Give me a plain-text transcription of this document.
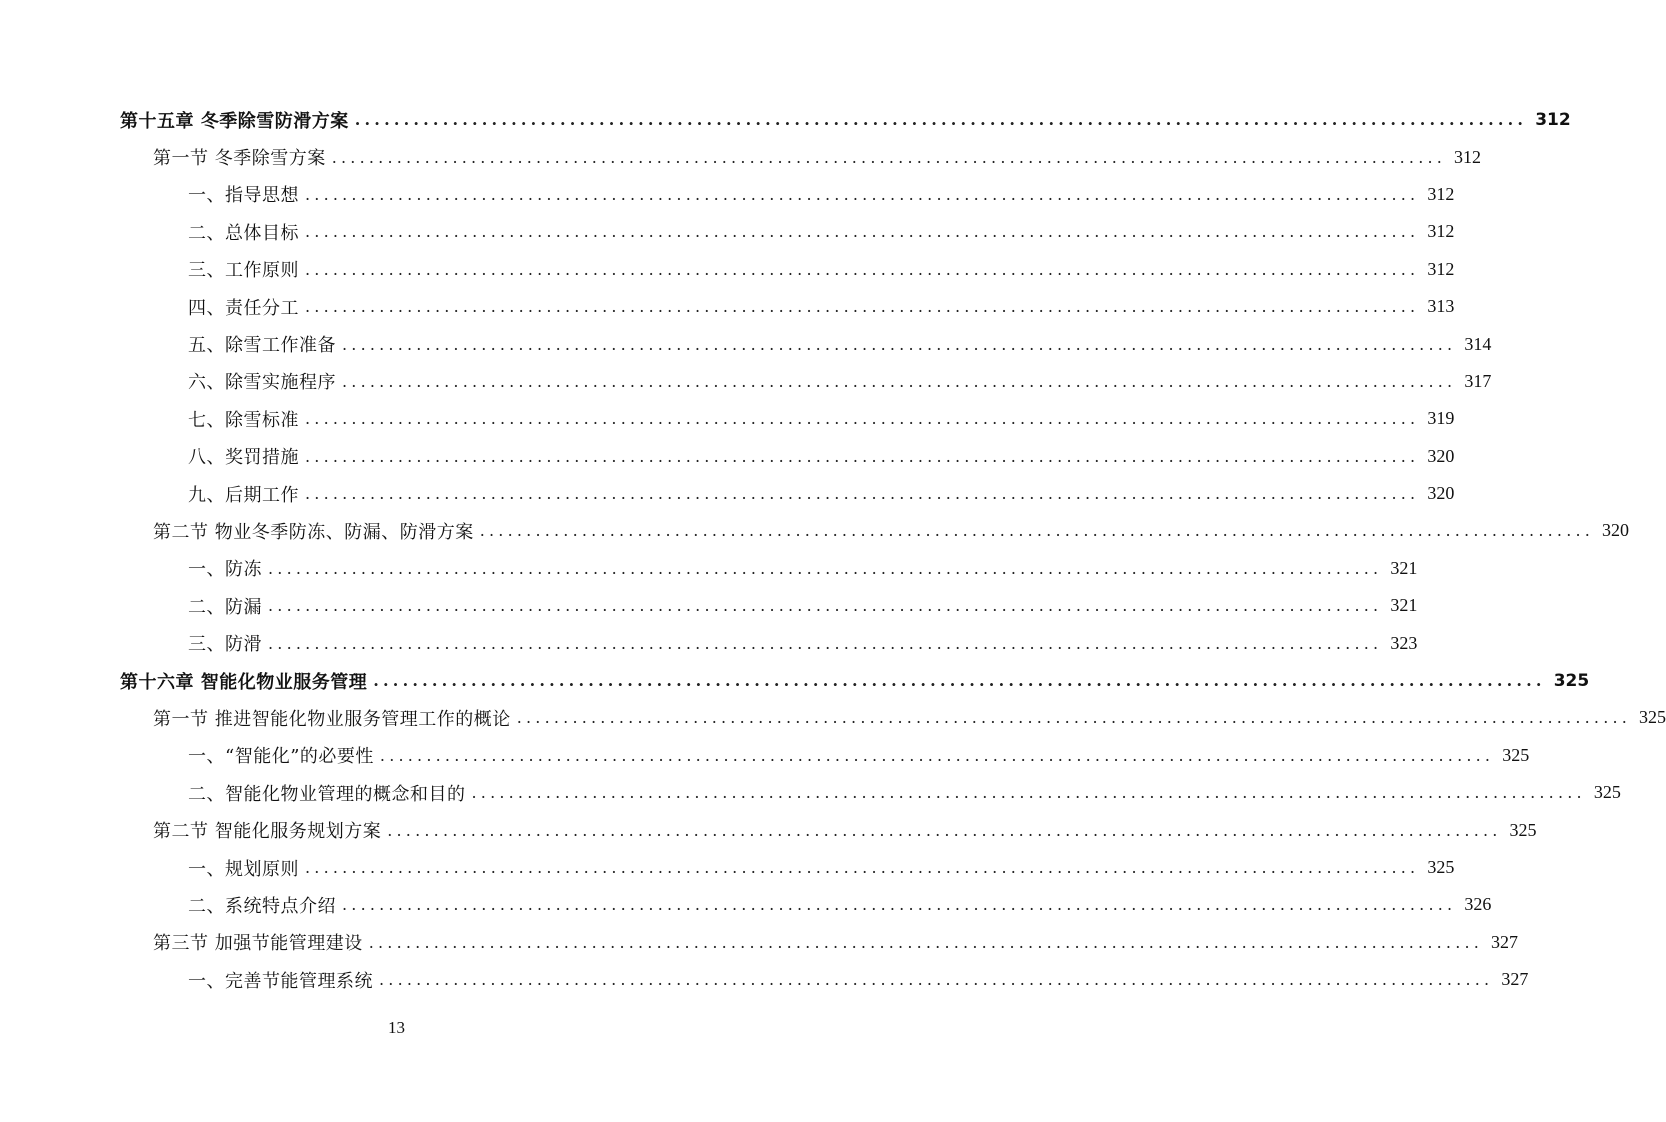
第十五章 冬季除雪防滑方案 ........................................................................................................................ 312
第一节 冬季除雪方案 ........................................................................................................................ 312
一、指导思想 ........................................................................................................................ 312
二、总体目标 ........................................................................................................................ 312
三、工作原则 ........................................................................................................................ 312
四、责任分工 ........................................................................................................................ 313
五、除雪工作准备 ........................................................................................................................ 314
六、除雪实施程序 ........................................................................................................................ 317
七、除雪标准 ........................................................................................................................ 319
八、奖罚措施 ........................................................................................................................ 320
九、后期工作 ........................................................................................................................ 320
第二节 物业冬季防冻、防漏、防滑方案 ........................................................................................................................ 320
一、防冻 ........................................................................................................................ 321
二、防漏 ........................................................................................................................ 321
三、防滑 ........................................................................................................................ 323
第十六章 智能化物业服务管理 ........................................................................................................................ 325
第一节 推进智能化物业服务管理工作的概论 ........................................................................................................................ 325
一、“智能化”的必要性 ........................................................................................................................ 325
二、智能化物业管理的概念和目的 ........................................................................................................................ 325
第二节 智能化服务规划方案 ........................................................................................................................ 325
一、规划原则 ........................................................................................................................ 325
二、系统特点介绍 ........................................................................................................................ 326
第三节 加强节能管理建设 ........................................................................................................................ 327
一、完善节能管理系统 ........................................................................................................................ 327
13
